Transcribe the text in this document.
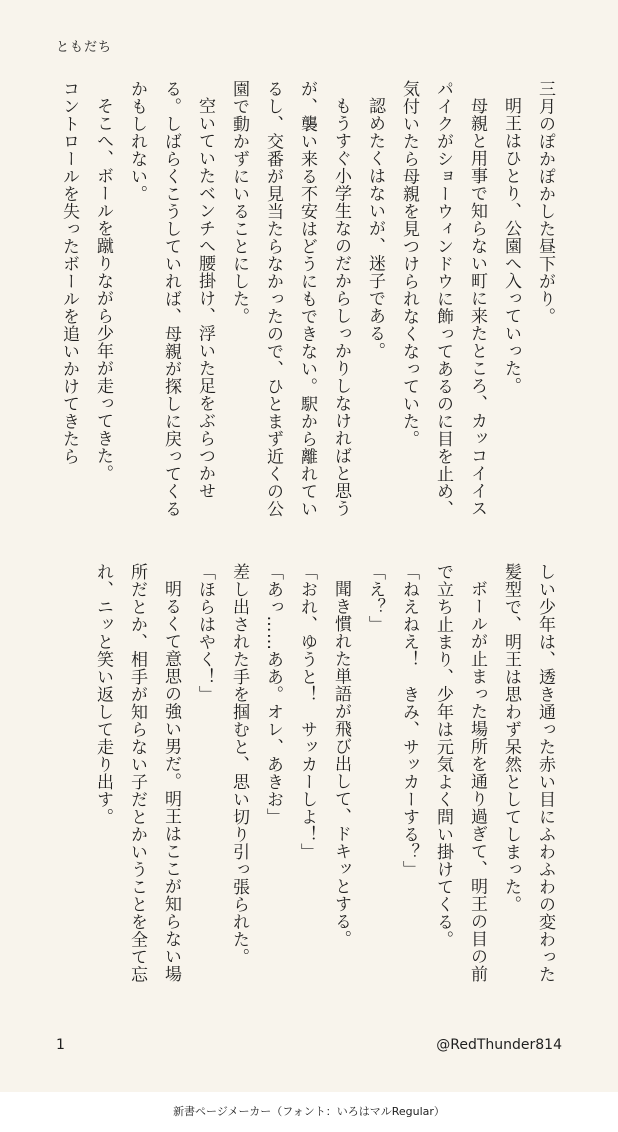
ともだち

三月のぽかぽかした昼下がり。

明王はひとり、公園へ入っていった。

母親と用事で知らない町に来たところ、カッコイイスパイクがショーウィンドウに飾ってあるのに目を止め、気付いたら母親を見つけられなくなっていた。

認めたくはないが、迷子である。

もうすぐ小学生なのだからしっかりしなければと思うが、襲い来る不安はどうにもできない。駅から離れているし、交番が見当たらなかったので、ひとまず近くの公園で動かずにいることにした。

空いていたベンチへ腰掛け、浮いた足をぶらつかせる。しばらくこうしていれば、母親が探しに戻ってくるかもしれない。

そこへ、ボールを蹴りながら少年が走ってきた。

コントロールを失ったボールを追いかけてきたら

しい少年は、透き通った赤い目にふわふわの変わった髪型で、明王は思わず呆然としてしまった。

ボールが止まった場所を通り過ぎて、明王の目の前で立ち止まり、少年は元気よく問い掛けてくる。

「ねえねえ！　きみ、サッカーする？」

「え？」

聞き慣れた単語が飛び出して、ドキッとする。

「おれ、ゆうと！　サッカーしよ！」

「あっ……ああ。オレ、あきお」

差し出された手を掴むと、思い切り引っ張られた。

「ほらはやく！」

明るくて意思の強い男だ。明王はここが知らない場所だとか、相手が知らない子だとかいうことを全て忘れ、ニッと笑い返して走り出す。

1	@RedThunder814
新書ページメーカー（フォント：いろはマルRegular）
